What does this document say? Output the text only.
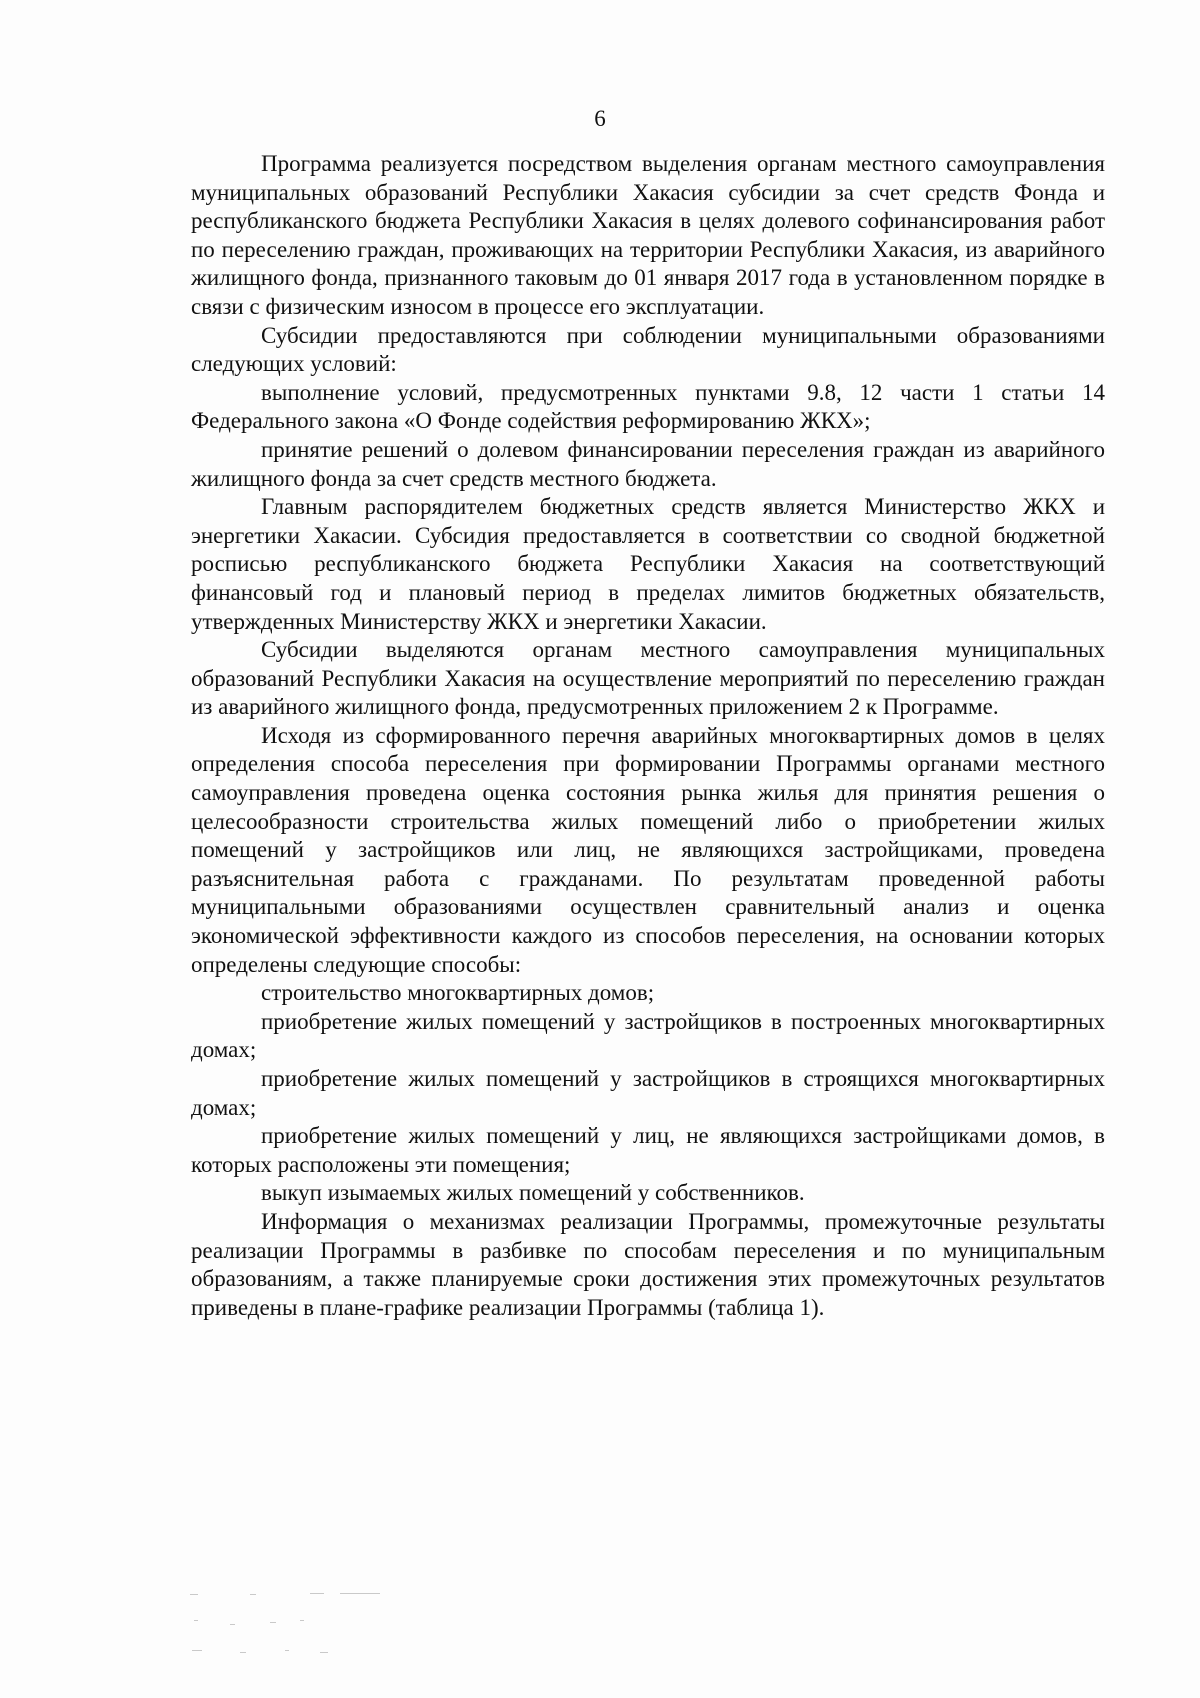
6

Программа реализуется посредством выделения органам местного самоуправления муниципальных образований Республики Хакасия субсидии за счет средств Фонда и республиканского бюджета Республики Хакасия в целях долевого софинансирования работ по переселению граждан, проживающих на территории Республики Хакасия, из аварийного жилищного фонда, признанного таковым до 01 января 2017 года в установленном порядке в связи с физическим износом в процессе его эксплуатации.

Субсидии предоставляются при соблюдении муниципальными образованиями следующих условий:

выполнение условий, предусмотренных пунктами 9.8, 12 части 1 статьи 14 Федерального закона «О Фонде содействия реформированию ЖКХ»;

принятие решений о долевом финансировании переселения граждан из аварийного жилищного фонда за счет средств местного бюджета.

Главным распорядителем бюджетных средств является Министерство ЖКХ и энергетики Хакасии. Субсидия предоставляется в соответствии со сводной бюджетной росписью республиканского бюджета Республики Хакасия на соответствующий финансовый год и плановый период в пределах лимитов бюджетных обязательств, утвержденных Министерству ЖКХ и энергетики Хакасии.

Субсидии выделяются органам местного самоуправления муниципальных образований Республики Хакасия на осуществление мероприятий по переселению граждан из аварийного жилищного фонда, предусмотренных приложением 2 к Программе.

Исходя из сформированного перечня аварийных многоквартирных домов в целях определения способа переселения при формировании Программы органами местного самоуправления проведена оценка состояния рынка жилья для принятия решения о целесообразности строительства жилых помещений либо о приобретении жилых помещений у застройщиков или лиц, не являющихся застройщиками, проведена разъяснительная работа с гражданами. По результатам проведенной работы муниципальными образованиями осуществлен сравнительный анализ и оценка экономической эффективности каждого из способов переселения, на основании которых определены следующие способы:

строительство многоквартирных домов;

приобретение жилых помещений у застройщиков в построенных многоквартирных домах;

приобретение жилых помещений у застройщиков в строящихся многоквартирных домах;

приобретение жилых помещений у лиц, не являющихся застройщиками домов, в которых расположены эти помещения;

выкуп изымаемых жилых помещений у собственников.

Информация о механизмах реализации Программы, промежуточные результаты реализации Программы в разбивке по способам переселения и по муниципальным образованиям, а также планируемые сроки достижения этих промежуточных результатов приведены в плане-графике реализации Программы (таблица 1).
